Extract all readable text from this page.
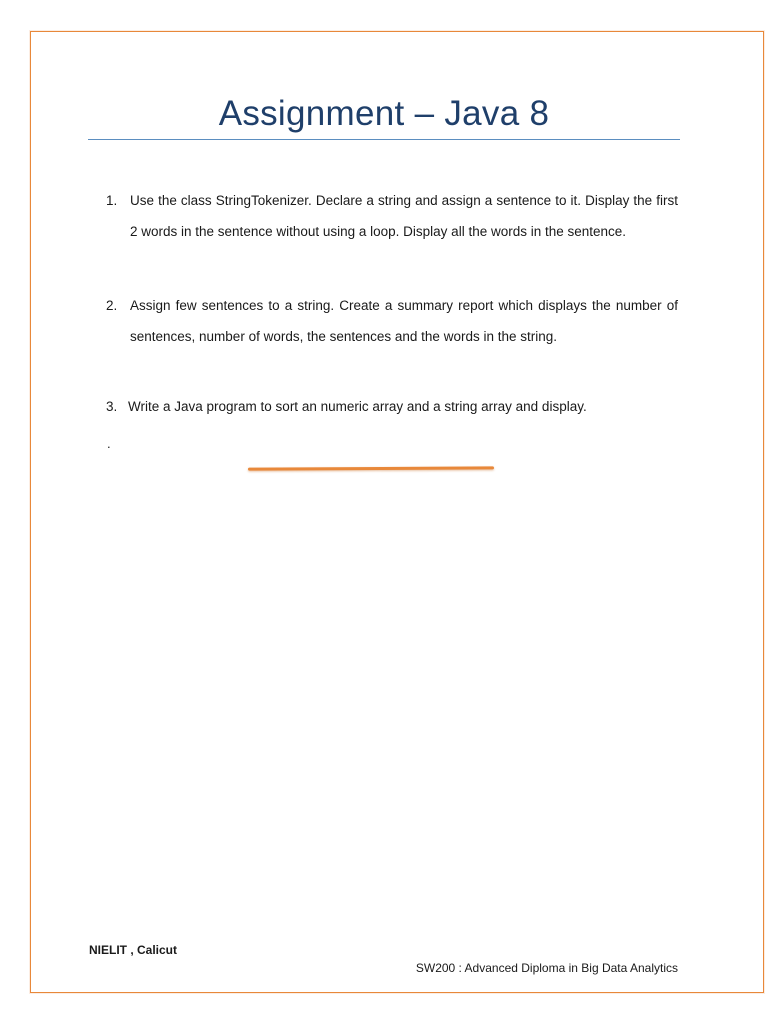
Assignment – Java 8
1. Use the class StringTokenizer. Declare a string and assign a sentence to it. Display the first 2 words in the sentence without using a loop. Display all the words in the sentence.
2. Assign few sentences to a string. Create a summary report which displays the number of sentences, number of words, the sentences and the words in the string.
3. Write a Java program to sort an numeric array and a string array and display.
.
NIELIT , Calicut
SW200 : Advanced Diploma in Big Data Analytics
